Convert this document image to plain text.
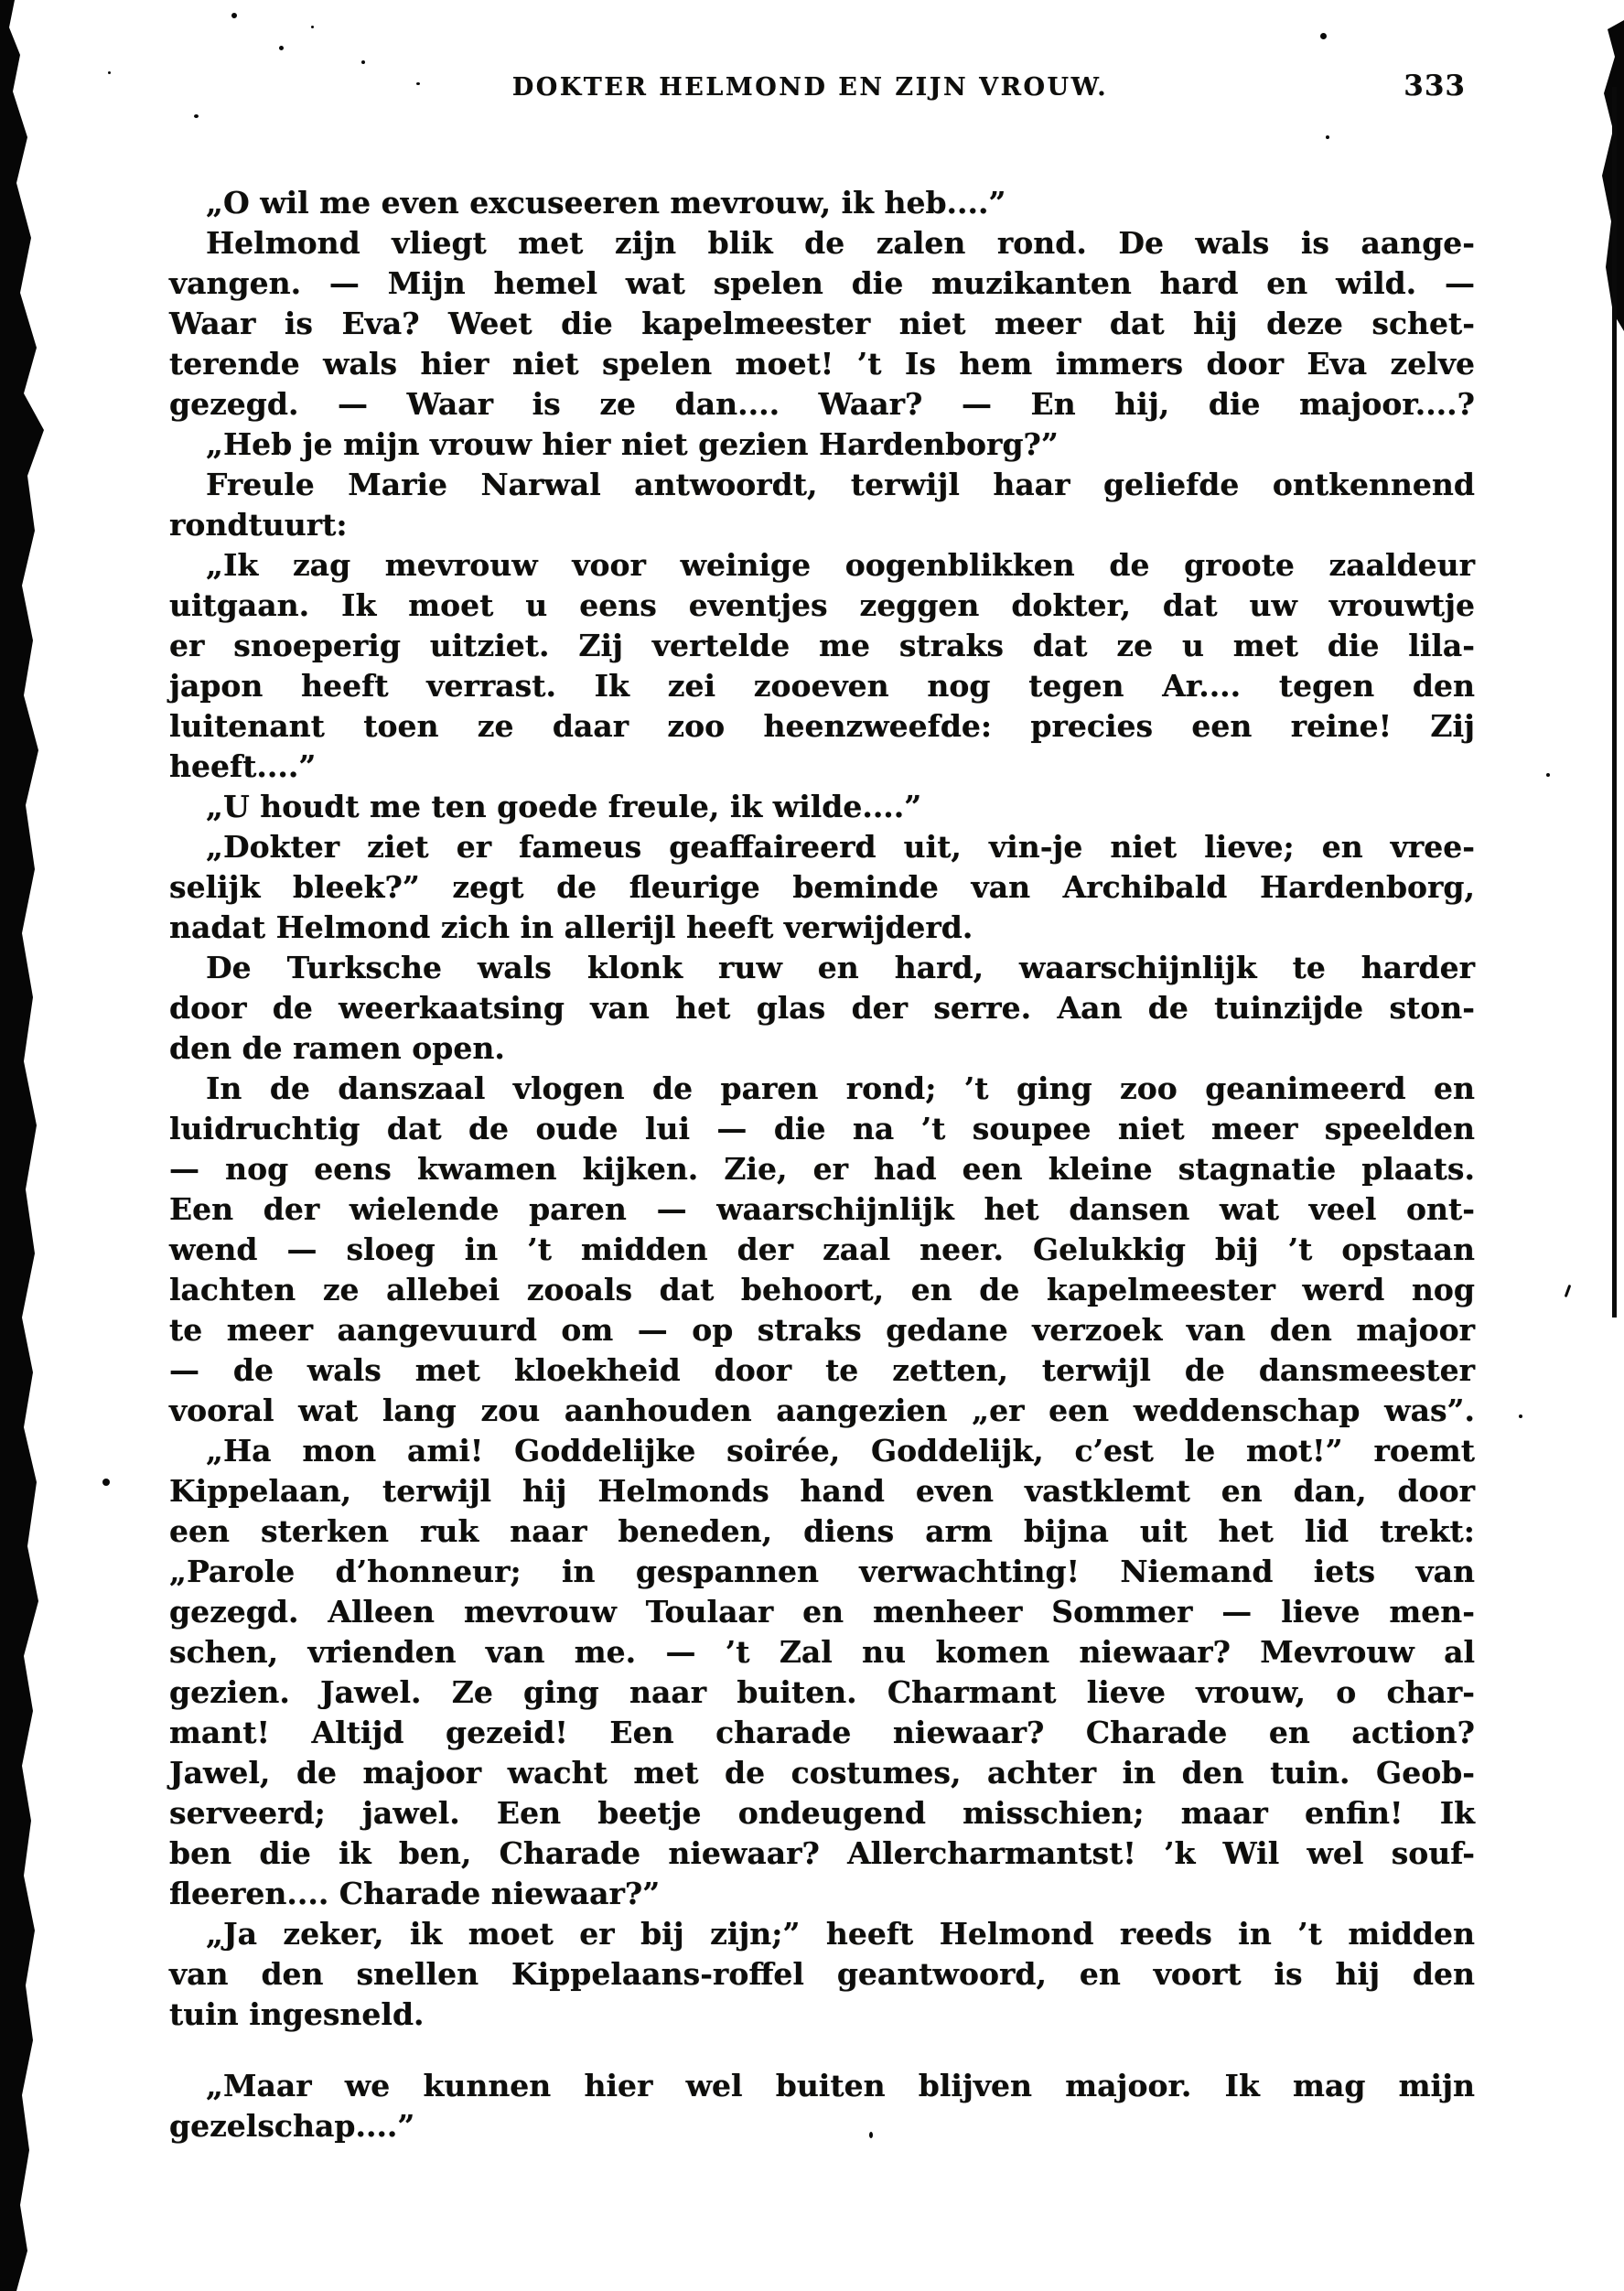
DOKTER HELMOND EN ZIJN VROUW.	333
„O wil me even excuseeren mevrouw, ik heb....”
Helmond vliegt met zijn blik de zalen rond. De wals is aange-
vangen. — Mijn hemel wat spelen die muzikanten hard en wild. —
Waar is Eva? Weet die kapelmeester niet meer dat hij deze schet-
terende wals hier niet spelen moet! ’t Is hem immers door Eva zelve
gezegd. — Waar is ze dan.... Waar? — En hij, die majoor....?
„Heb je mijn vrouw hier niet gezien Hardenborg?”
Freule Marie Narwal antwoordt, terwijl haar geliefde ontkennend
rondtuurt:
„Ik zag mevrouw voor weinige oogenblikken de groote zaaldeur
uitgaan. Ik moet u eens eventjes zeggen dokter, dat uw vrouwtje
er snoeperig uitziet. Zij vertelde me straks dat ze u met die lila-
japon heeft verrast. Ik zei zooeven nog tegen Ar.... tegen den
luitenant toen ze daar zoo heenzweefde: precies een reine! Zij
heeft....”
„U houdt me ten goede freule, ik wilde....”
„Dokter ziet er fameus geaffaireerd uit, vin-je niet lieve; en vree-
selijk bleek?” zegt de fleurige beminde van Archibald Hardenborg,
nadat Helmond zich in allerijl heeft verwijderd.
De Turksche wals klonk ruw en hard, waarschijnlijk te harder
door de weerkaatsing van het glas der serre. Aan de tuinzijde ston-
den de ramen open.
In de danszaal vlogen de paren rond; ’t ging zoo geanimeerd en
luidruchtig dat de oude lui — die na ’t soupee niet meer speelden
— nog eens kwamen kijken. Zie, er had een kleine stagnatie plaats.
Een der wielende paren — waarschijnlijk het dansen wat veel ont-
wend — sloeg in ’t midden der zaal neer. Gelukkig bij ’t opstaan
lachten ze allebei zooals dat behoort, en de kapelmeester werd nog
te meer aangevuurd om — op straks gedane verzoek van den majoor
— de wals met kloekheid door te zetten, terwijl de dansmeester
vooral wat lang zou aanhouden aangezien „er een weddenschap was”.
„Ha mon ami! Goddelijke soirée, Goddelijk, c’est le mot!” roemt
Kippelaan, terwijl hij Helmonds hand even vastklemt en dan, door
een sterken ruk naar beneden, diens arm bijna uit het lid trekt:
„Parole d’honneur; in gespannen verwachting! Niemand iets van
gezegd. Alleen mevrouw Toulaar en menheer Sommer — lieve men-
schen, vrienden van me. — ’t Zal nu komen niewaar? Mevrouw al
gezien. Jawel. Ze ging naar buiten. Charmant lieve vrouw, o char-
mant! Altijd gezeid! Een charade niewaar? Charade en action?
Jawel, de majoor wacht met de costumes, achter in den tuin. Geob-
serveerd; jawel. Een beetje ondeugend misschien; maar enfin! Ik
ben die ik ben, Charade niewaar? Allercharmantst! ’k Wil wel souf-
fleeren.... Charade niewaar?”
„Ja zeker, ik moet er bij zijn;” heeft Helmond reeds in ’t midden
van den snellen Kippelaans-roffel geantwoord, en voort is hij den
tuin ingesneld.
„Maar we kunnen hier wel buiten blijven majoor. Ik mag mijn
gezelschap....”
